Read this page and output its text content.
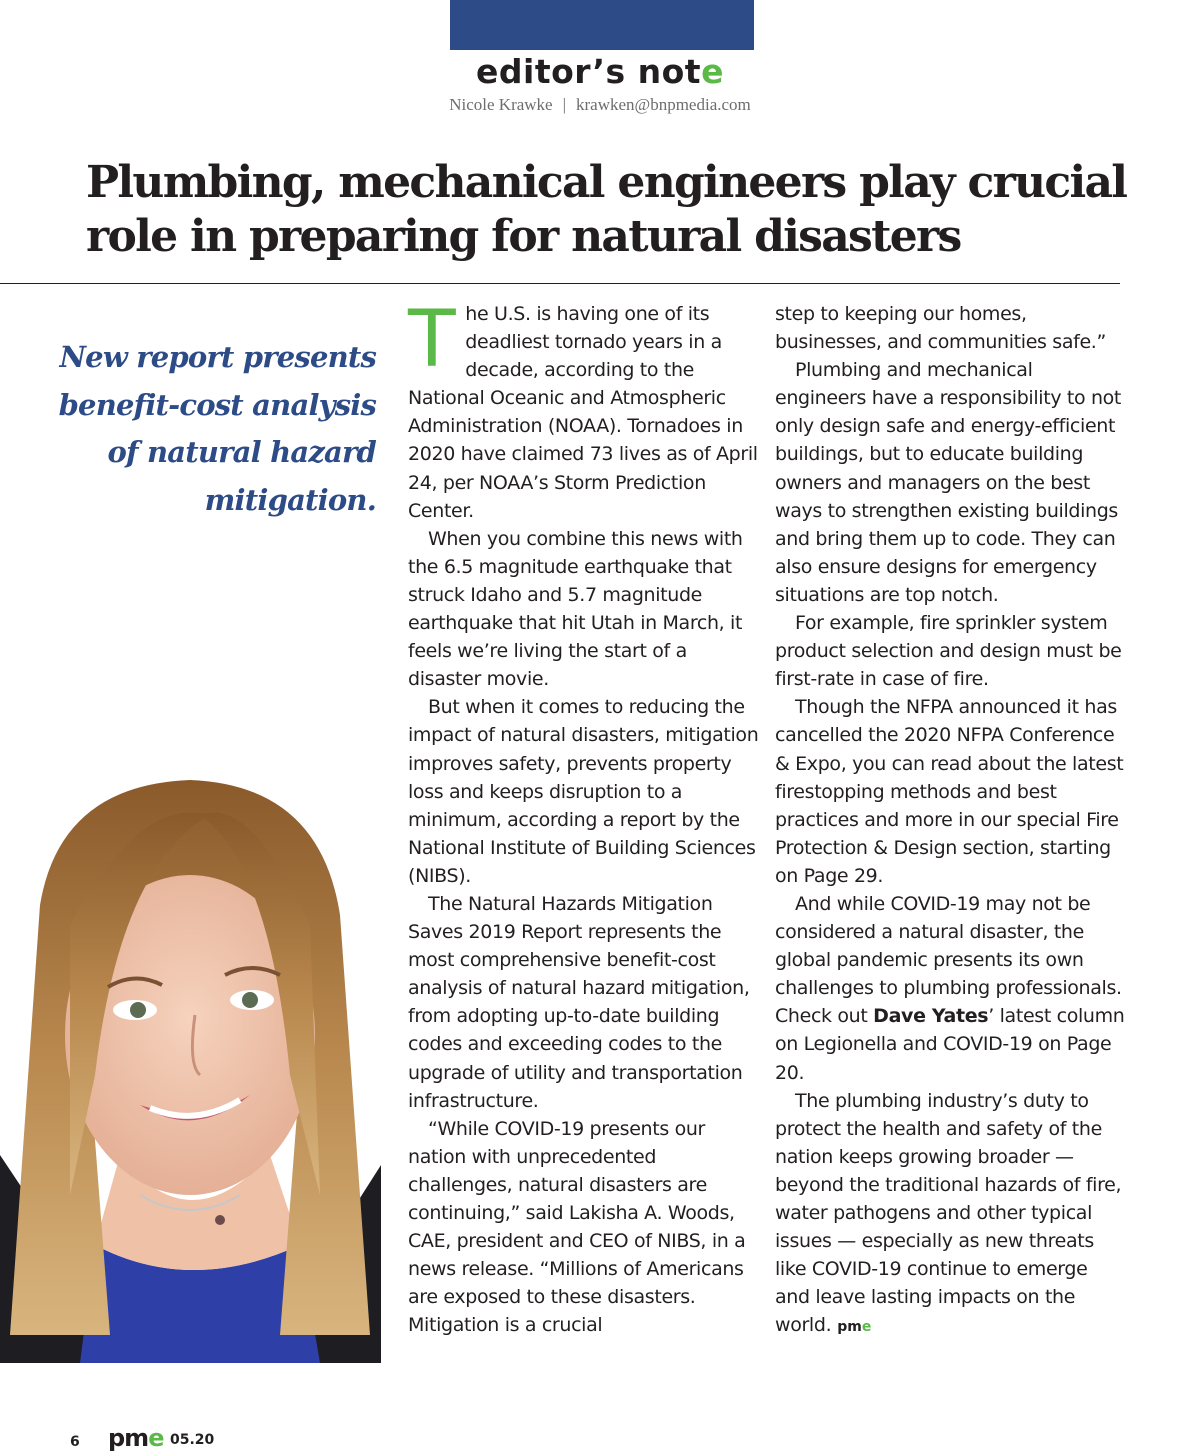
editor’s note
Nicole Krawke | krawken@bnpmedia.com
Plumbing, mechanical engineers play crucial role in preparing for natural disasters

New report presents benefit-cost analysis of natural hazard mitigation.

The U.S. is having one of its deadliest tornado years in a decade, according to the National Oceanic and Atmospheric Administration (NOAA). Tornadoes in 2020 have claimed 73 lives as of April 24, per NOAA’s Storm Prediction Center.

When you combine this news with the 6.5 magnitude earthquake that struck Idaho and 5.7 magnitude earthquake that hit Utah in March, it feels we’re living the start of a disaster movie.

But when it comes to reducing the impact of natural disasters, mitigation improves safety, prevents property loss and keeps disruption to a minimum, according a report by the National Institute of Building Sciences (NIBS).

The Natural Hazards Mitigation Saves 2019 Report represents the most comprehensive benefit-cost analysis of natural hazard mitigation, from adopting up-to-date building codes and exceeding codes to the upgrade of utility and transportation infrastructure.

“While COVID-19 presents our nation with unprecedented challenges, natural disasters are continuing,” said Lakisha A. Woods, CAE, president and CEO of NIBS, in a news release. “Millions of Americans are exposed to these disasters. Mitigation is a crucial

step to keeping our homes, businesses, and communities safe.”

Plumbing and mechanical engineers have a responsibility to not only design safe and energy-efficient buildings, but to educate building owners and managers on the best ways to strengthen existing buildings and bring them up to code. They can also ensure designs for emergency situations are top notch.

For example, fire sprinkler system product selection and design must be first-rate in case of fire.

Though the NFPA announced it has cancelled the 2020 NFPA Conference & Expo, you can read about the latest firestopping methods and best practices and more in our special Fire Protection & Design section, starting on Page 29.

And while COVID-19 may not be considered a natural disaster, the global pandemic presents its own challenges to plumbing professionals. Check out Dave Yates’ latest column on Legionella and COVID-19 on Page 20.

The plumbing industry’s duty to protect the health and safety of the nation keeps growing broader — beyond the traditional hazards of fire, water pathogens and other typical issues — especially as new threats like COVID-19 continue to emerge and leave lasting impacts on the world. pme

6 pme 05.20
